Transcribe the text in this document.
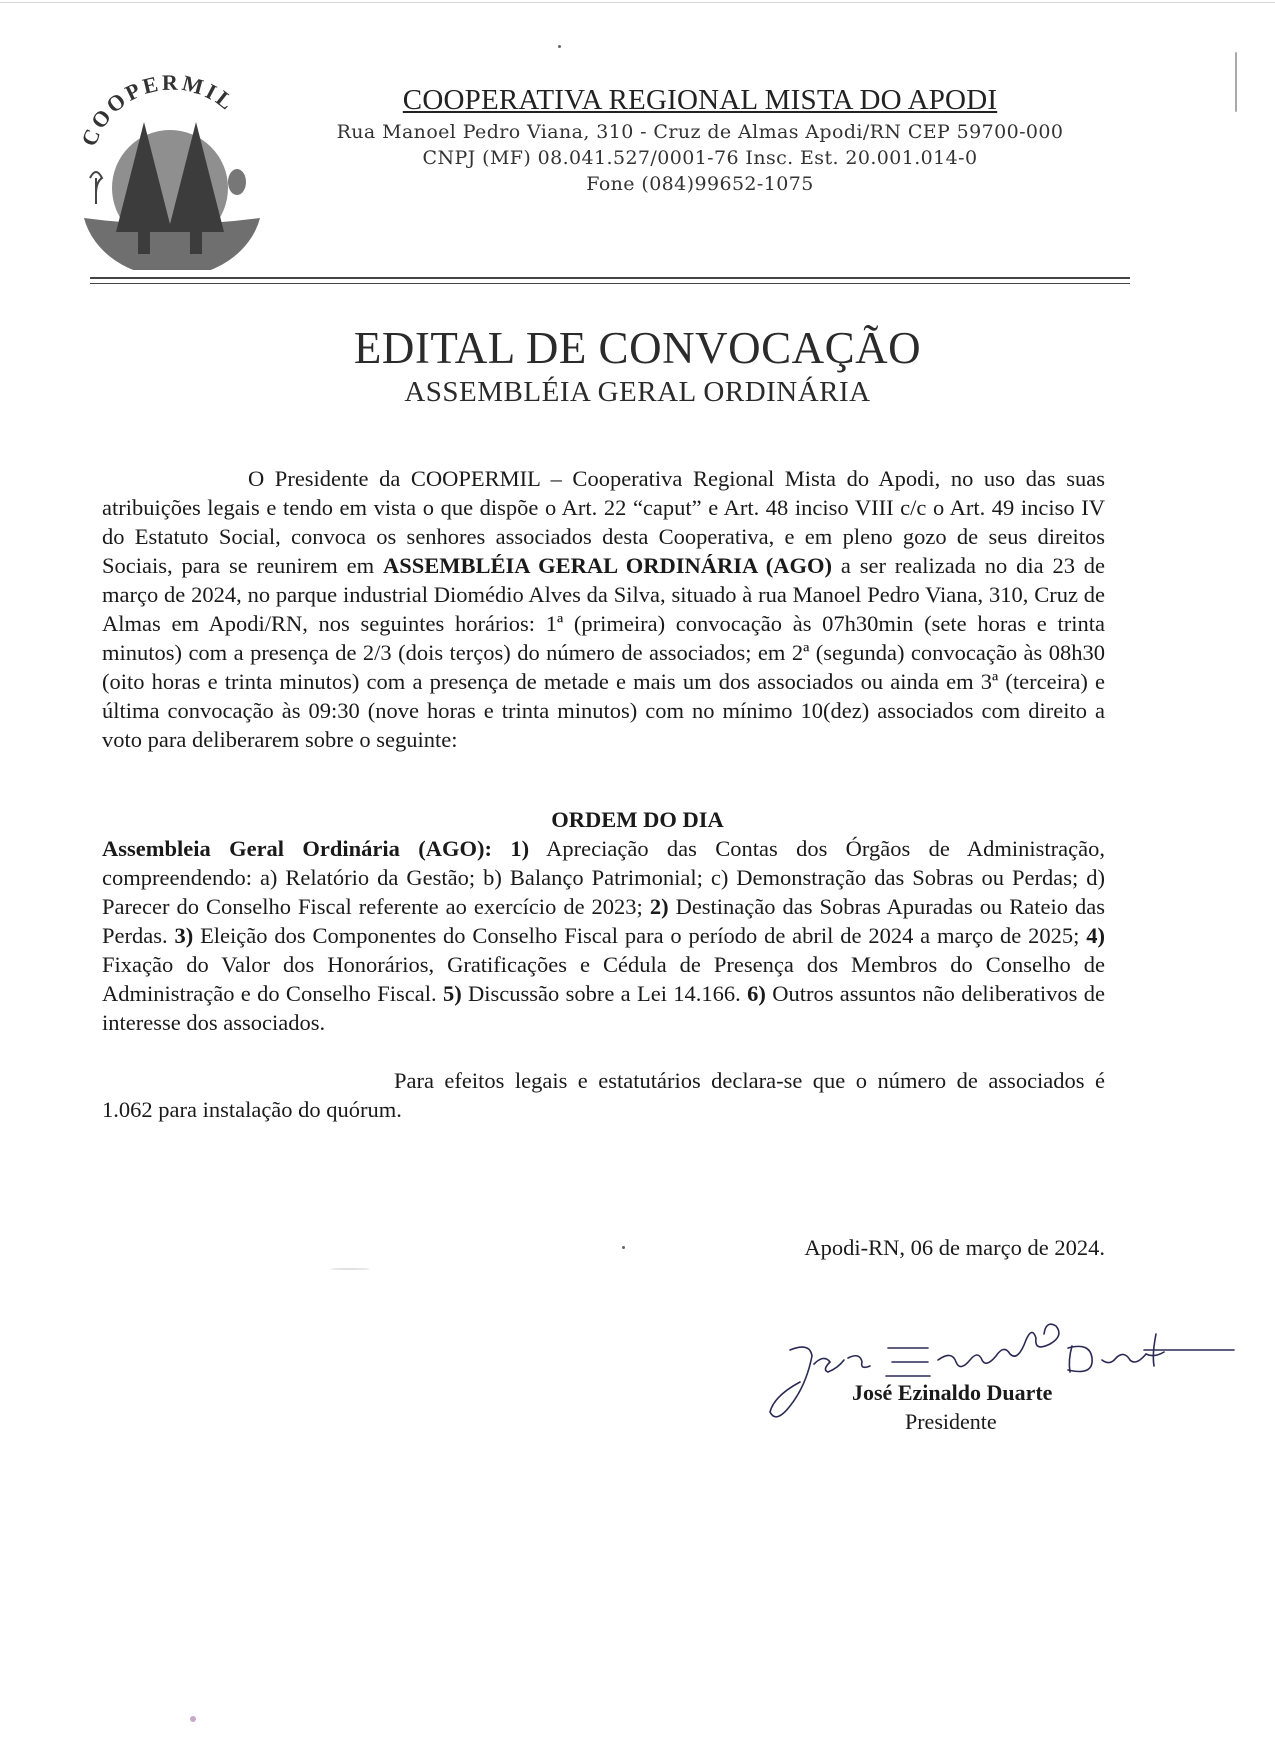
COOPERMIL	COOPERATIVA REGIONAL MISTA DO APODI
Rua Manoel Pedro Viana, 310 - Cruz de Almas Apodi/RN CEP 59700-000
CNPJ (MF) 08.041.527/0001-76 Insc. Est. 20.001.014-0
Fone (084)99652-1075
EDITAL DE CONVOCAÇÃO
ASSEMBLÉIA GERAL ORDINÁRIA

O Presidente da COOPERMIL – Cooperativa Regional Mista do Apodi, no uso das suas atribuições legais e tendo em vista o que dispõe o Art. 22 “caput” e Art. 48 inciso VIII c/c o Art. 49 inciso IV do Estatuto Social, convoca os senhores associados desta Cooperativa, e em pleno gozo de seus direitos Sociais, para se reunirem em ASSEMBLÉIA GERAL ORDINÁRIA (AGO) a ser realizada no dia 23 de março de 2024, no parque industrial Diomédio Alves da Silva, situado à rua Manoel Pedro Viana, 310, Cruz de Almas em Apodi/RN, nos seguintes horários: 1ª (primeira) convocação às 07h30min (sete horas e trinta minutos) com a presença de 2/3 (dois terços) do número de associados; em 2ª (segunda) convocação às 08h30 (oito horas e trinta minutos) com a presença de metade e mais um dos associados ou ainda em 3ª (terceira) e última convocação às 09:30 (nove horas e trinta minutos) com no mínimo 10(dez) associados com direito a voto para deliberarem sobre o seguinte:

ORDEM DO DIA

Assembleia Geral Ordinária (AGO): 1) Apreciação das Contas dos Órgãos de Administração, compreendendo: a) Relatório da Gestão; b) Balanço Patrimonial; c) Demonstração das Sobras ou Perdas; d) Parecer do Conselho Fiscal referente ao exercício de 2023; 2) Destinação das Sobras Apuradas ou Rateio das Perdas. 3) Eleição dos Componentes do Conselho Fiscal para o período de abril de 2024 a março de 2025; 4) Fixação do Valor dos Honorários, Gratificações e Cédula de Presença dos Membros do Conselho de Administração e do Conselho Fiscal. 5) Discussão sobre a Lei 14.166. 6) Outros assuntos não deliberativos de interesse dos associados.

Para efeitos legais e estatutários declara-se que o número de associados é 1.062 para instalação do quórum.

Apodi-RN, 06 de março de 2024.
José Ezinaldo Duarte
Presidente
